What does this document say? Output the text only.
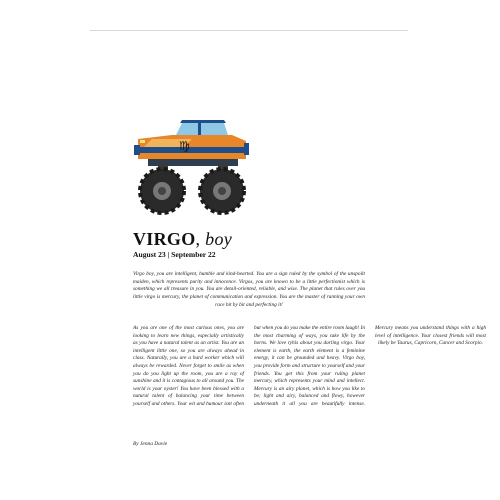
♍
VIRGO, boy
August 23 | September 22

Virgo boy, you are intelligent, humble and kind-hearted. You are a sign ruled by the symbol of the unspoilt maiden, which represents purity and innocence. Virgos, you are known to be a little perfectionist which is something we all treasure in you. You are detail-oriented, reliable, and wise. The planet that rules over you little virgo is mercury, the planet of communication and expression. You are the master of running your own race bit by bit and perfecting it!

As you are one of the most curious ones, you are looking to learn new things, especially artistically as you have a natural talent as an artist. You are an intelligent little one, so you are always ahead in class. Naturally, you are a hard worker which will always be rewarded. Never forget to smile as when you do you light up the room, you are a ray of sunshine and it is contagious to all around you. The world is your oyster! You have been blessed with a natural talent of balancing your time between yourself and others. Your wit and humour isnt often but when you do you make the entire room laugh! In the most charming of ways, you take life by the horns. We love tyhis about you darling virgo. Your element is earth, the earth element is a feminine energy, it can be grounded and heavy. Virgo boy, you provide form and structure to yourself and your friends. You get this from your ruling planet mercury, which represents your mind and intellect. Mercury is an airy planet, which is how you like to be; light and airy, balanced and flowy, however underneath it all you are beautifully intense. Mercury means you understand things with a high level of intelligence. Your closest friends will most likely be Taurus, Capricorn, Cancer and Scorpio.

By Jenna Davie
